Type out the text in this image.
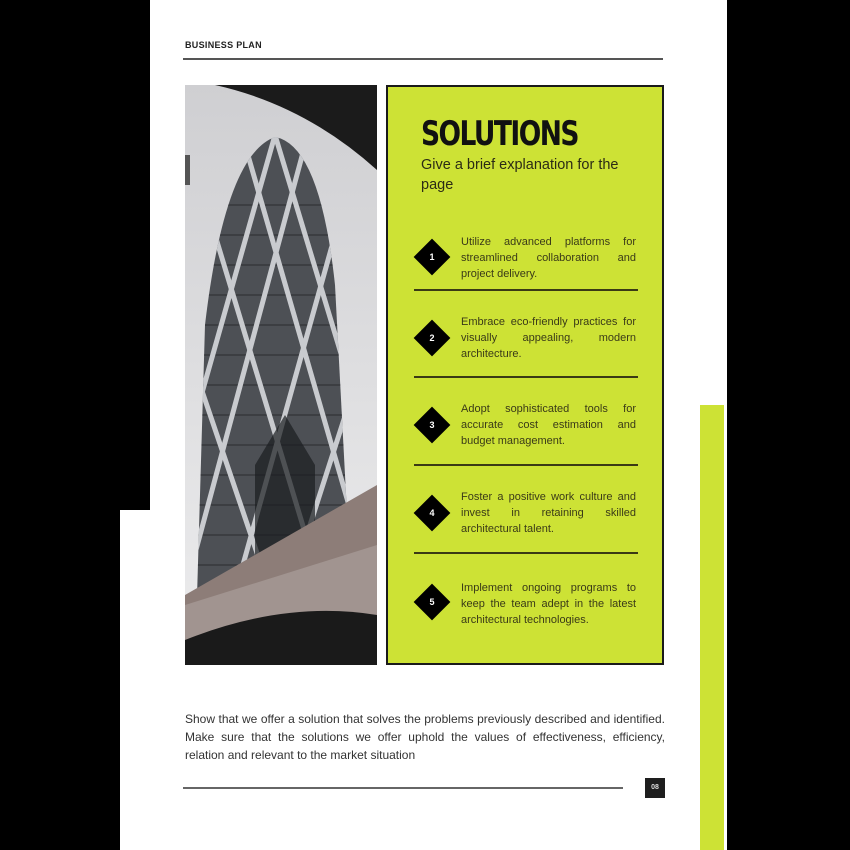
BUSINESS PLAN
SOLUTIONS
Give a brief explanation for the page
1
Utilize advanced platforms for streamlined collaboration and project delivery.
2
Embrace eco-friendly practices for visually appealing, modern architecture.
3
Adopt sophisticated tools for accurate cost estimation and budget management.
4
Foster a positive work culture and invest in retaining skilled architectural talent.
5
Implement ongoing programs to keep the team adept in the latest architectural technologies.
Show that we offer a solution that solves the problems previously described and identified. Make sure that the solutions we offer uphold the values of effectiveness, efficiency, relation and relevant to the market situation
08
